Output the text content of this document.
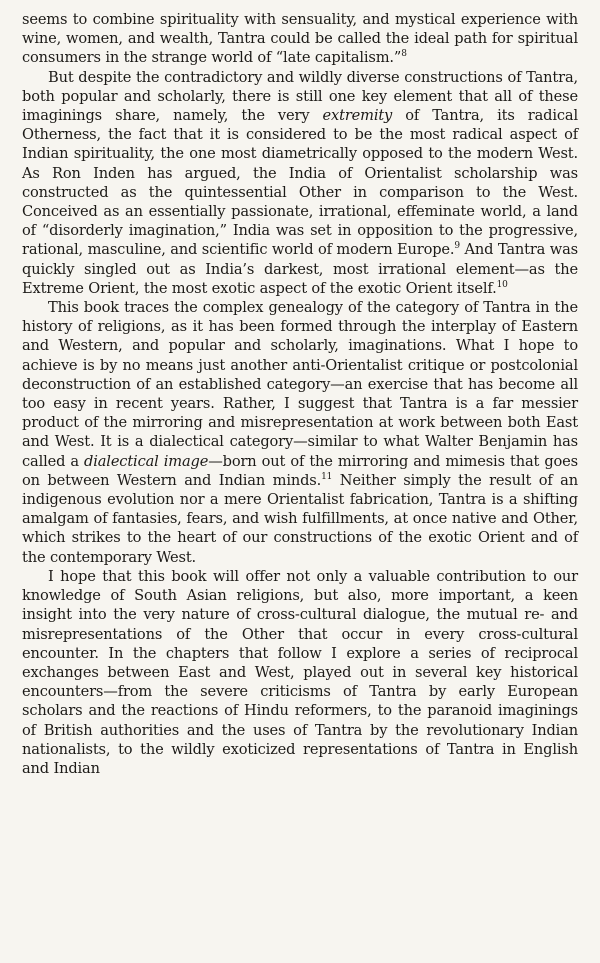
seems to combine spirituality with sensuality, and mystical experience with wine, women, and wealth, Tantra could be called the ideal path for spiritual consumers in the strange world of “late capitalism.”$^8$

But despite the contradictory and wildly diverse constructions of Tantra, both popular and scholarly, there is still one key element that all of these imaginings share, namely, the very extremity of Tantra, its radical Otherness, the fact that it is considered to be the most radical aspect of Indian spirituality, the one most diametrically opposed to the modern West. As Ron Inden has argued, the India of Orientalist scholarship was constructed as the quintessential Other in comparison to the West. Conceived as an essentially passionate, irrational, effeminate world, a land of “disorderly imagination,” India was set in opposition to the progressive, rational, masculine, and scientific world of modern Europe.$^9$ And Tantra was quickly singled out as India’s darkest, most irrational element—as the Extreme Orient, the most exotic aspect of the exotic Orient itself.$^{10}$

This book traces the complex genealogy of the category of Tantra in the history of religions, as it has been formed through the interplay of Eastern and Western, and popular and scholarly, imaginations. What I hope to achieve is by no means just another anti-Orientalist critique or postcolonial deconstruction of an established category—an exercise that has become all too easy in recent years. Rather, I suggest that Tantra is a far messier product of the mirroring and misrepresentation at work between both East and West. It is a dialectical category—similar to what Walter Benjamin has called a dialectical image—born out of the mirroring and mimesis that goes on between Western and Indian minds.$^{11}$ Neither simply the result of an indigenous evolution nor a mere Orientalist fabrication, Tantra is a shifting amalgam of fantasies, fears, and wish fulfillments, at once native and Other, which strikes to the heart of our constructions of the exotic Orient and of the contemporary West.

I hope that this book will offer not only a valuable contribution to our knowledge of South Asian religions, but also, more important, a keen insight into the very nature of cross-cultural dialogue, the mutual re- and misrepresentations of the Other that occur in every cross-cultural encounter. In the chapters that follow I explore a series of reciprocal exchanges between East and West, played out in several key historical encounters—from the severe criticisms of Tantra by early European scholars and the reactions of Hindu reformers, to the paranoid imaginings of British authorities and the uses of Tantra by the revolutionary Indian nationalists, to the wildly exoticized representations of Tantra in English and Indian
